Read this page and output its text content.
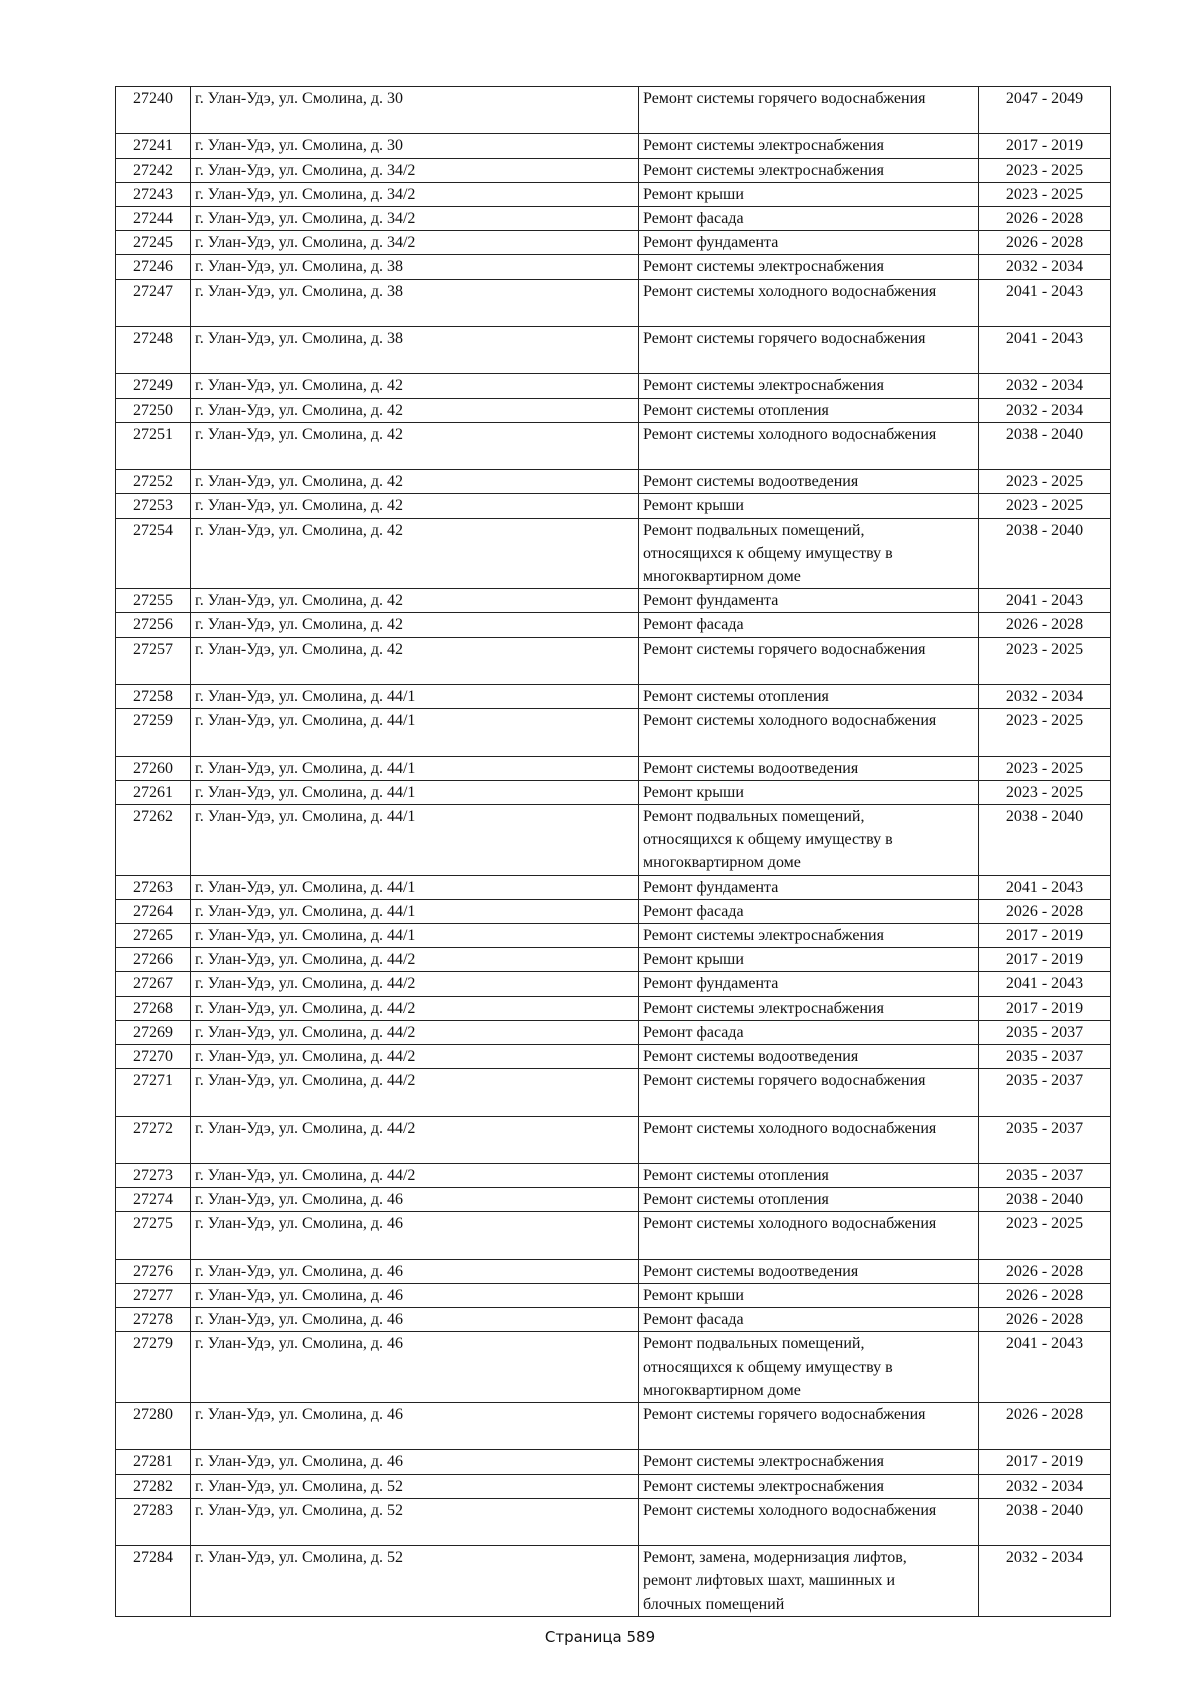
27240	г. Улан-Удэ, ул. Смолина, д. 30	Ремонт системы горячего водоснабжения	2047 - 2049
27241	г. Улан-Удэ, ул. Смолина, д. 30	Ремонт системы электроснабжения	2017 - 2019
27242	г. Улан-Удэ, ул. Смолина, д. 34/2	Ремонт системы электроснабжения	2023 - 2025
27243	г. Улан-Удэ, ул. Смолина, д. 34/2	Ремонт крыши	2023 - 2025
27244	г. Улан-Удэ, ул. Смолина, д. 34/2	Ремонт фасада	2026 - 2028
27245	г. Улан-Удэ, ул. Смолина, д. 34/2	Ремонт фундамента	2026 - 2028
27246	г. Улан-Удэ, ул. Смолина, д. 38	Ремонт системы электроснабжения	2032 - 2034
27247	г. Улан-Удэ, ул. Смолина, д. 38	Ремонт системы холодного водоснабжения	2041 - 2043
27248	г. Улан-Удэ, ул. Смолина, д. 38	Ремонт системы горячего водоснабжения	2041 - 2043
27249	г. Улан-Удэ, ул. Смолина, д. 42	Ремонт системы электроснабжения	2032 - 2034
27250	г. Улан-Удэ, ул. Смолина, д. 42	Ремонт системы отопления	2032 - 2034
27251	г. Улан-Удэ, ул. Смолина, д. 42	Ремонт системы холодного водоснабжения	2038 - 2040
27252	г. Улан-Удэ, ул. Смолина, д. 42	Ремонт системы водоотведения	2023 - 2025
27253	г. Улан-Удэ, ул. Смолина, д. 42	Ремонт крыши	2023 - 2025
27254	г. Улан-Удэ, ул. Смолина, д. 42	Ремонт подвальных помещений,
относящихся к общему имуществу в
многоквартирном доме	2038 - 2040
27255	г. Улан-Удэ, ул. Смолина, д. 42	Ремонт фундамента	2041 - 2043
27256	г. Улан-Удэ, ул. Смолина, д. 42	Ремонт фасада	2026 - 2028
27257	г. Улан-Удэ, ул. Смолина, д. 42	Ремонт системы горячего водоснабжения	2023 - 2025
27258	г. Улан-Удэ, ул. Смолина, д. 44/1	Ремонт системы отопления	2032 - 2034
27259	г. Улан-Удэ, ул. Смолина, д. 44/1	Ремонт системы холодного водоснабжения	2023 - 2025
27260	г. Улан-Удэ, ул. Смолина, д. 44/1	Ремонт системы водоотведения	2023 - 2025
27261	г. Улан-Удэ, ул. Смолина, д. 44/1	Ремонт крыши	2023 - 2025
27262	г. Улан-Удэ, ул. Смолина, д. 44/1	Ремонт подвальных помещений,
относящихся к общему имуществу в
многоквартирном доме	2038 - 2040
27263	г. Улан-Удэ, ул. Смолина, д. 44/1	Ремонт фундамента	2041 - 2043
27264	г. Улан-Удэ, ул. Смолина, д. 44/1	Ремонт фасада	2026 - 2028
27265	г. Улан-Удэ, ул. Смолина, д. 44/1	Ремонт системы электроснабжения	2017 - 2019
27266	г. Улан-Удэ, ул. Смолина, д. 44/2	Ремонт крыши	2017 - 2019
27267	г. Улан-Удэ, ул. Смолина, д. 44/2	Ремонт фундамента	2041 - 2043
27268	г. Улан-Удэ, ул. Смолина, д. 44/2	Ремонт системы электроснабжения	2017 - 2019
27269	г. Улан-Удэ, ул. Смолина, д. 44/2	Ремонт фасада	2035 - 2037
27270	г. Улан-Удэ, ул. Смолина, д. 44/2	Ремонт системы водоотведения	2035 - 2037
27271	г. Улан-Удэ, ул. Смолина, д. 44/2	Ремонт системы горячего водоснабжения	2035 - 2037
27272	г. Улан-Удэ, ул. Смолина, д. 44/2	Ремонт системы холодного водоснабжения	2035 - 2037
27273	г. Улан-Удэ, ул. Смолина, д. 44/2	Ремонт системы отопления	2035 - 2037
27274	г. Улан-Удэ, ул. Смолина, д. 46	Ремонт системы отопления	2038 - 2040
27275	г. Улан-Удэ, ул. Смолина, д. 46	Ремонт системы холодного водоснабжения	2023 - 2025
27276	г. Улан-Удэ, ул. Смолина, д. 46	Ремонт системы водоотведения	2026 - 2028
27277	г. Улан-Удэ, ул. Смолина, д. 46	Ремонт крыши	2026 - 2028
27278	г. Улан-Удэ, ул. Смолина, д. 46	Ремонт фасада	2026 - 2028
27279	г. Улан-Удэ, ул. Смолина, д. 46	Ремонт подвальных помещений,
относящихся к общему имуществу в
многоквартирном доме	2041 - 2043
27280	г. Улан-Удэ, ул. Смолина, д. 46	Ремонт системы горячего водоснабжения	2026 - 2028
27281	г. Улан-Удэ, ул. Смолина, д. 46	Ремонт системы электроснабжения	2017 - 2019
27282	г. Улан-Удэ, ул. Смолина, д. 52	Ремонт системы электроснабжения	2032 - 2034
27283	г. Улан-Удэ, ул. Смолина, д. 52	Ремонт системы холодного водоснабжения	2038 - 2040
27284	г. Улан-Удэ, ул. Смолина, д. 52	Ремонт, замена, модернизация лифтов,
ремонт лифтовых шахт, машинных и
блочных помещений	2032 - 2034
Страница 589
